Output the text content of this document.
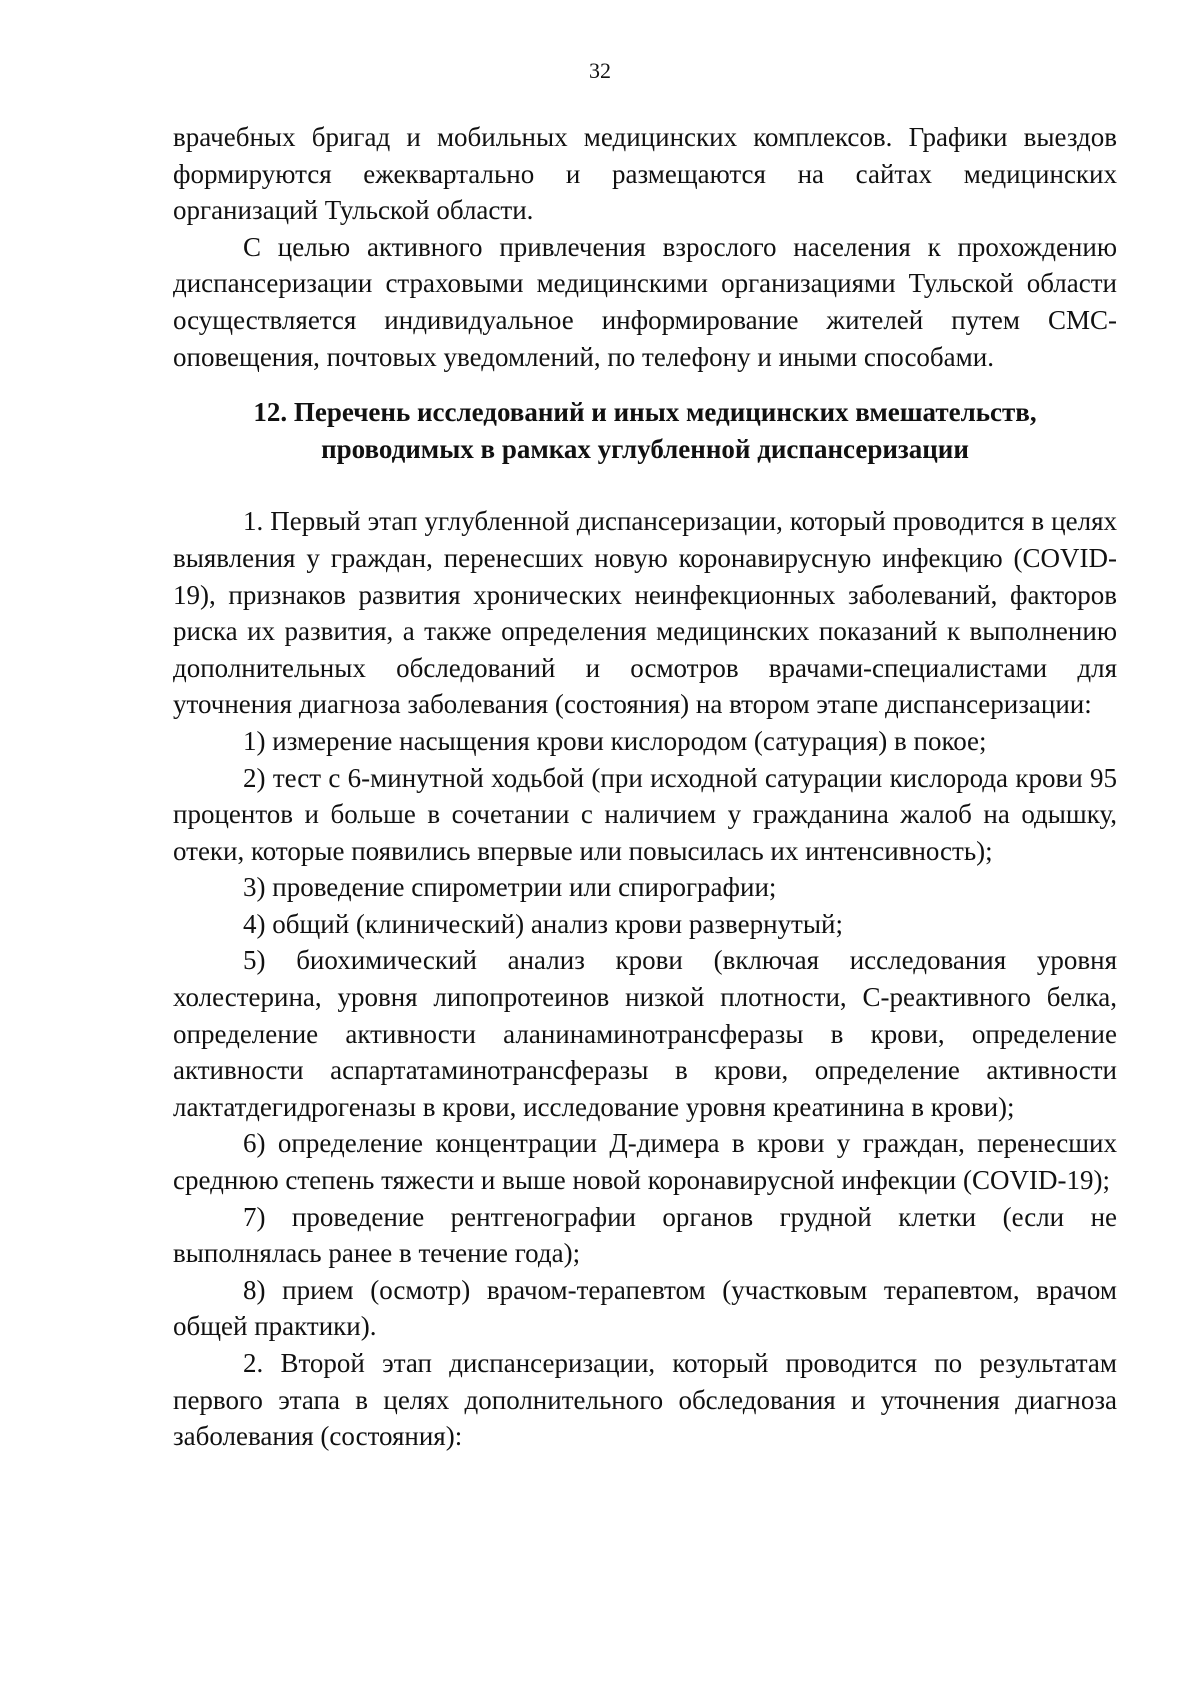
32

врачебных бригад и мобильных медицинских комплексов. Графики выездов формируются ежеквартально и размещаются на сайтах медицинских организаций Тульской области.

С целью активного привлечения взрослого населения к прохождению диспансеризации страховыми медицинскими организациями Тульской области осуществляется индивидуальное информирование жителей путем СМС-оповещения, почтовых уведомлений, по телефону и иными способами.

12. Перечень исследований и иных медицинских вмешательств, проводимых в рамках углубленной диспансеризации

1. Первый этап углубленной диспансеризации, который проводится в целях выявления у граждан, перенесших новую коронавирусную инфекцию (COVID-19), признаков развития хронических неинфекционных заболеваний, факторов риска их развития, а также определения медицинских показаний к выполнению дополнительных обследований и осмотров врачами-специалистами для уточнения диагноза заболевания (состояния) на втором этапе диспансеризации:

1) измерение насыщения крови кислородом (сатурация) в покое;

2) тест с 6-минутной ходьбой (при исходной сатурации кислорода крови 95 процентов и больше в сочетании с наличием у гражданина жалоб на одышку, отеки, которые появились впервые или повысилась их интенсивность);

3) проведение спирометрии или спирографии;

4) общий (клинический) анализ крови развернутый;

5) биохимический анализ крови (включая исследования уровня холестерина, уровня липопротеинов низкой плотности, С-реактивного белка, определение активности аланинаминотрансферазы в крови, определение активности аспартатаминотрансферазы в крови, определение активности лактатдегидрогеназы в крови, исследование уровня креатинина в крови);

6) определение концентрации Д-димера в крови у граждан, перенесших среднюю степень тяжести и выше новой коронавирусной инфекции (COVID-19);

7) проведение рентгенографии органов грудной клетки (если не выполнялась ранее в течение года);

8) прием (осмотр) врачом-терапевтом (участковым терапевтом, врачом общей практики).

2. Второй этап диспансеризации, который проводится по результатам первого этапа в целях дополнительного обследования и уточнения диагноза заболевания (состояния):
